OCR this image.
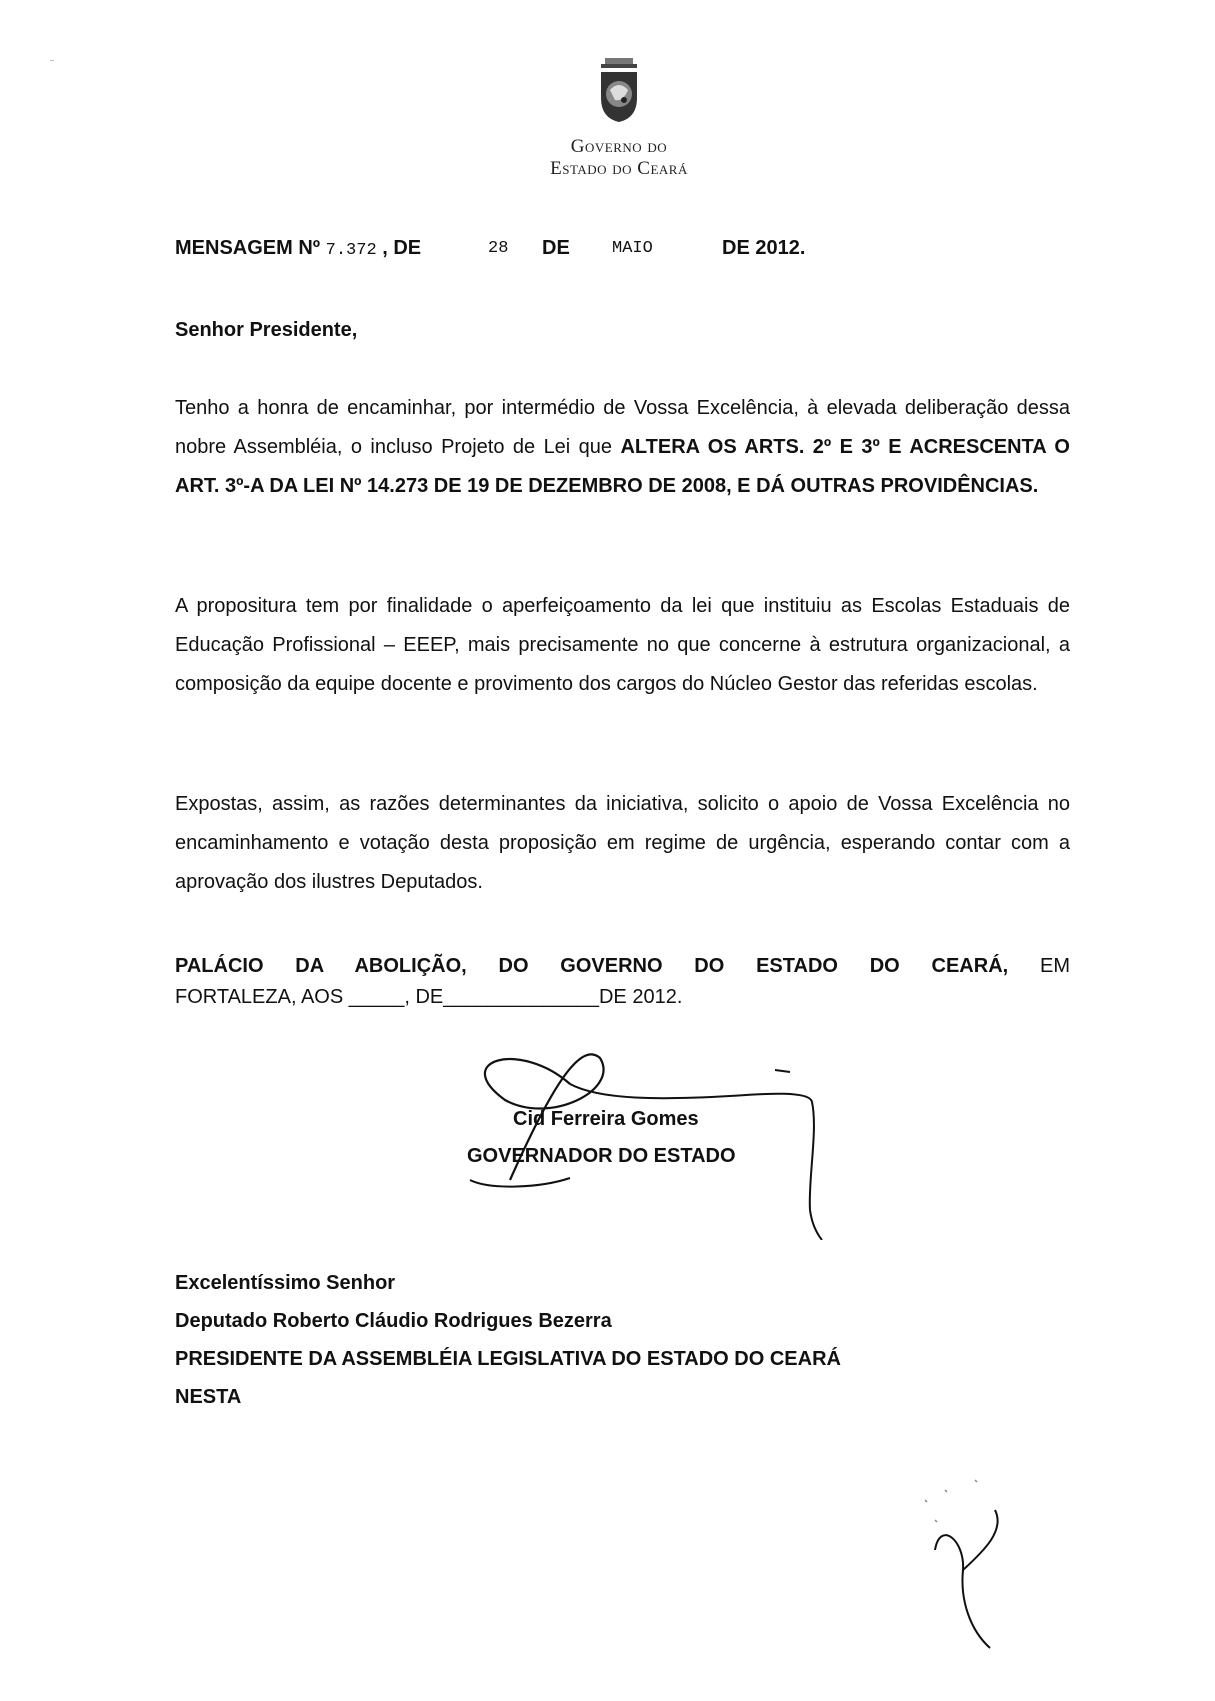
Governo do
Estado do Ceará
MENSAGEM Nº 7.372 , DE	28 DE MAIO	DE 2012.
Senhor Presidente,

Tenho a honra de encaminhar, por intermédio de Vossa Excelência, à elevada deliberação dessa nobre Assembléia, o incluso Projeto de Lei que ALTERA OS ARTS. 2º E 3º E ACRESCENTA O ART. 3º-A DA LEI Nº 14.273 DE 19 DE DEZEMBRO DE 2008, E DÁ OUTRAS PROVIDÊNCIAS.

A propositura tem por finalidade o aperfeiçoamento da lei que instituiu as Escolas Estaduais de Educação Profissional – EEEP, mais precisamente no que concerne à estrutura organizacional, a composição da equipe docente e provimento dos cargos do Núcleo Gestor das referidas escolas.

Expostas, assim, as razões determinantes da iniciativa, solicito o apoio de Vossa Excelência no encaminhamento e votação desta proposição em regime de urgência, esperando contar com a aprovação dos ilustres Deputados.

PALÁCIO DA ABOLIÇÃO, DO GOVERNO DO ESTADO DO CEARÁ, EM
FORTALEZA, AOS _____, DE______________DE 2012.
Cid Ferreira Gomes
GOVERNADOR DO ESTADO
Excelentíssimo Senhor
Deputado Roberto Cláudio Rodrigues Bezerra
PRESIDENTE DA ASSEMBLÉIA LEGISLATIVA DO ESTADO DO CEARÁ
NESTA
